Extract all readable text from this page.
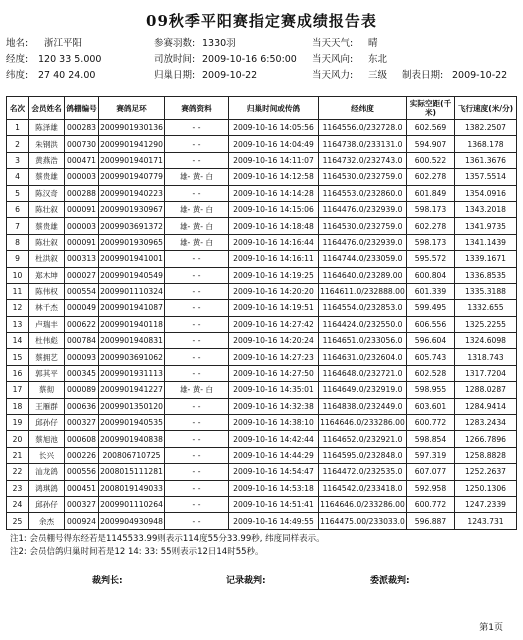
09秋季平阳赛指定赛成绩报告表
地名: 浙江平阳	参赛羽数: 1330羽	当天天气: 晴
经度: 120 33 5.000	司放时间: 2009-10-16 6:50:00 当天风向: 东北
纬度: 27 40 24.00	归巢日期: 2009-10-22	当天风力: 三级 制表日期: 2009-10-22
名次	会员姓名	鸽棚编号	赛鸽足环	赛鸽资料	归巢时间或传鸽	经纬度	实际空距(千米)	飞行速度(米/分)
1	陈泽雄	000283	2009901930136	- -	2009-10-16 14:05:56	1164556.0/232728.0	602.569	1382.2507
2	朱钢洪	000730	2009901941290	- -	2009-10-16 14:04:49	1164738.0/233131.0	594.907	1368.178
3	黄燕浩	000471	2009901940171	- -	2009-10-16 14:11:07	1164732.0/232743.0	600.522	1361.3676
4	蔡贵雄	000003	2009901940779	雄- 黄- 白	2009-10-16 14:12:58	1164530.0/232759.0	602.278	1357.5514
5	陈汉奇	000288	2009901940223	- -	2009-10-16 14:14:28	1164553.0/232860.0	601.849	1354.0916
6	陈壮叙	000091	2009901930967	雄- 黄- 白	2009-10-16 14:15:06	1164476.0/232939.0	598.173	1343.2018
7	蔡贵雄	000003	2009903691372	雄- 黄- 白	2009-10-16 14:18:48	1164530.0/232759.0	602.278	1341.9735
8	陈壮叙	000091	2009901930965	雄- 黄- 白	2009-10-16 14:16:44	1164476.0/232939.0	598.173	1341.1439
9	杜洪叙	000313	2009901941001	- -	2009-10-16 14:16:11	1164744.0/233059.0	595.572	1339.1671
10	郑木坤	000027	2009901940549	- -	2009-10-16 14:19:25	1164640.0/23289.00	600.804	1336.8535
11	陈伟权	000554	2009901110324	- -	2009-10-16 14:20:20	1164611.0/232888.00	601.339	1335.3188
12	林千杰	000049	2009901941087	- -	2009-10-16 14:19:51	1164554.0/232853.0	599.495	1332.655
13	卢瑞丰	000622	2009901940118	- -	2009-10-16 14:27:42	1164424.0/232550.0	606.556	1325.2255
14	杜伟彪	000784	2009901940831	- -	2009-10-16 14:20:24	1164651.0/233056.0	596.604	1324.6098
15	蔡拥艺	000093	2009903691062	- -	2009-10-16 14:27:23	1164631.0/232604.0	605.743	1318.743
16	郭其平	000345	2009901931113	- -	2009-10-16 14:27:50	1164648.0/232721.0	602.528	1317.7204
17	蔡彻	000089	2009901941227	雄- 黄- 白	2009-10-16 14:35:01	1164649.0/232919.0	598.955	1288.0287
18	王雁群	000636	2009901350120	- -	2009-10-16 14:32:38	1164838.0/232449.0	603.601	1284.9414
19	邱孙仔	000327	2009901940535	- -	2009-10-16 14:38:10	1164646.0/233286.00	600.772	1283.2434
20	蔡旭池	000608	2009901940838	- -	2009-10-16 14:42:44	1164652.0/232921.0	598.854	1266.7896
21	长兴	000226	200806710725	- -	2009-10-16 14:44:29	1164595.0/232848.0	597.319	1258.8828
22	汕龙鸽	000556	2008015111281	- -	2009-10-16 14:54:47	1164472.0/232535.0	607.077	1252.2637
23	鸿琪鸽	000451	2008019149033	- -	2009-10-16 14:53:18	1164542.0/233418.0	592.958	1250.1306
24	邱孙仔	000327	2009901110264	- -	2009-10-16 14:51:41	1164646.0/233286.00	600.772	1247.2339
25	余杰	000924	2009904930948	- -	2009-10-16 14:49:55	1164475.00/233033.0	596.887	1243.731
注1: 会员棚号得东经若是1145533.99则表示114度55分33.99秒, 纬度同样表示。
注2: 会员信鸽归巢时间若是12 14: 33: 55则表示12日14时55秒。
裁判长:	记录裁判:	委派裁判:
第1页
